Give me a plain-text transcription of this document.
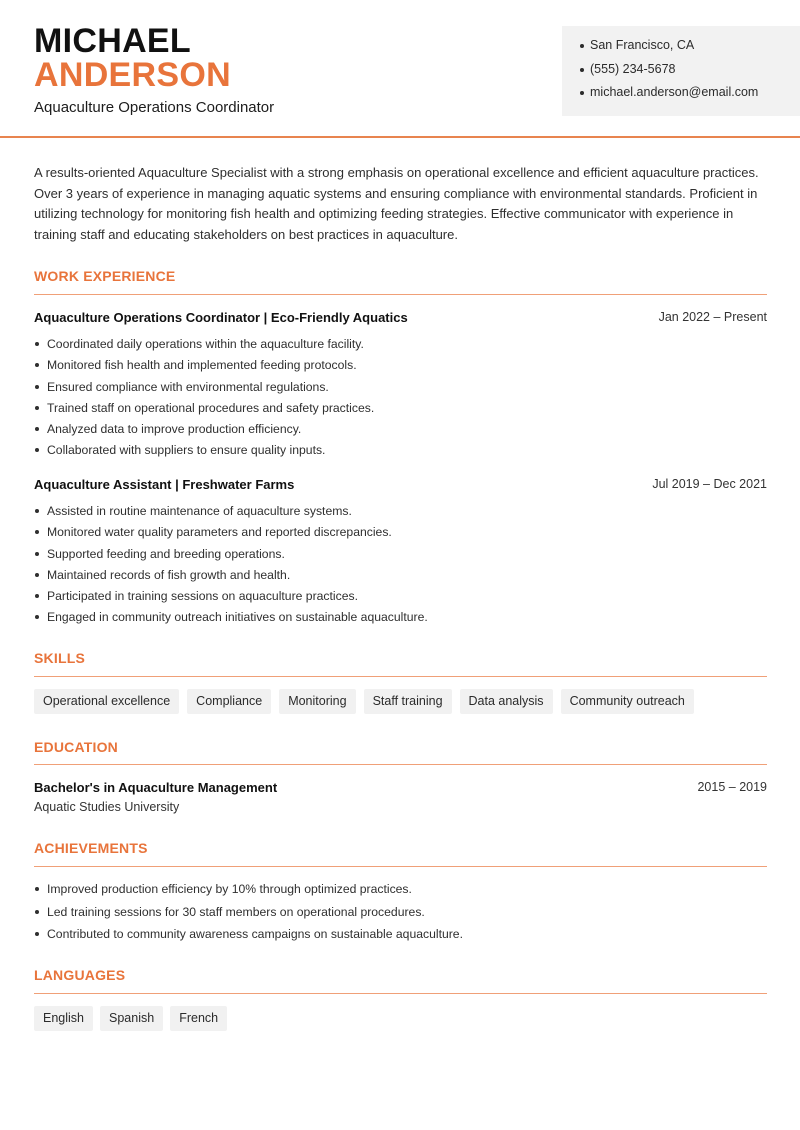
MICHAEL
ANDERSON
Aquaculture Operations Coordinator
San Francisco, CA
(555) 234-5678
michael.anderson@email.com

A results-oriented Aquaculture Specialist with a strong emphasis on operational excellence and efficient aquaculture practices. Over 3 years of experience in managing aquatic systems and ensuring compliance with environmental standards. Proficient in utilizing technology for monitoring fish health and optimizing feeding strategies. Effective communicator with experience in training staff and educating stakeholders on best practices in aquaculture.

WORK EXPERIENCE
Aquaculture Operations Coordinator | Eco-Friendly Aquatics	Jan 2022 – Present
Coordinated daily operations within the aquaculture facility.
Monitored fish health and implemented feeding protocols.
Ensured compliance with environmental regulations.
Trained staff on operational procedures and safety practices.
Analyzed data to improve production efficiency.
Collaborated with suppliers to ensure quality inputs.
Aquaculture Assistant | Freshwater Farms	Jul 2019 – Dec 2021
Assisted in routine maintenance of aquaculture systems.
Monitored water quality parameters and reported discrepancies.
Supported feeding and breeding operations.
Maintained records of fish growth and health.
Participated in training sessions on aquaculture practices.
Engaged in community outreach initiatives on sustainable aquaculture.
SKILLS
Operational excellence	Compliance	Monitoring	Staff training	Data analysis	Community outreach
EDUCATION
Bachelor's in Aquaculture Management	2015 – 2019
Aquatic Studies University
ACHIEVEMENTS
Improved production efficiency by 10% through optimized practices.
Led training sessions for 30 staff members on operational procedures.
Contributed to community awareness campaigns on sustainable aquaculture.
LANGUAGES
English	Spanish	French
